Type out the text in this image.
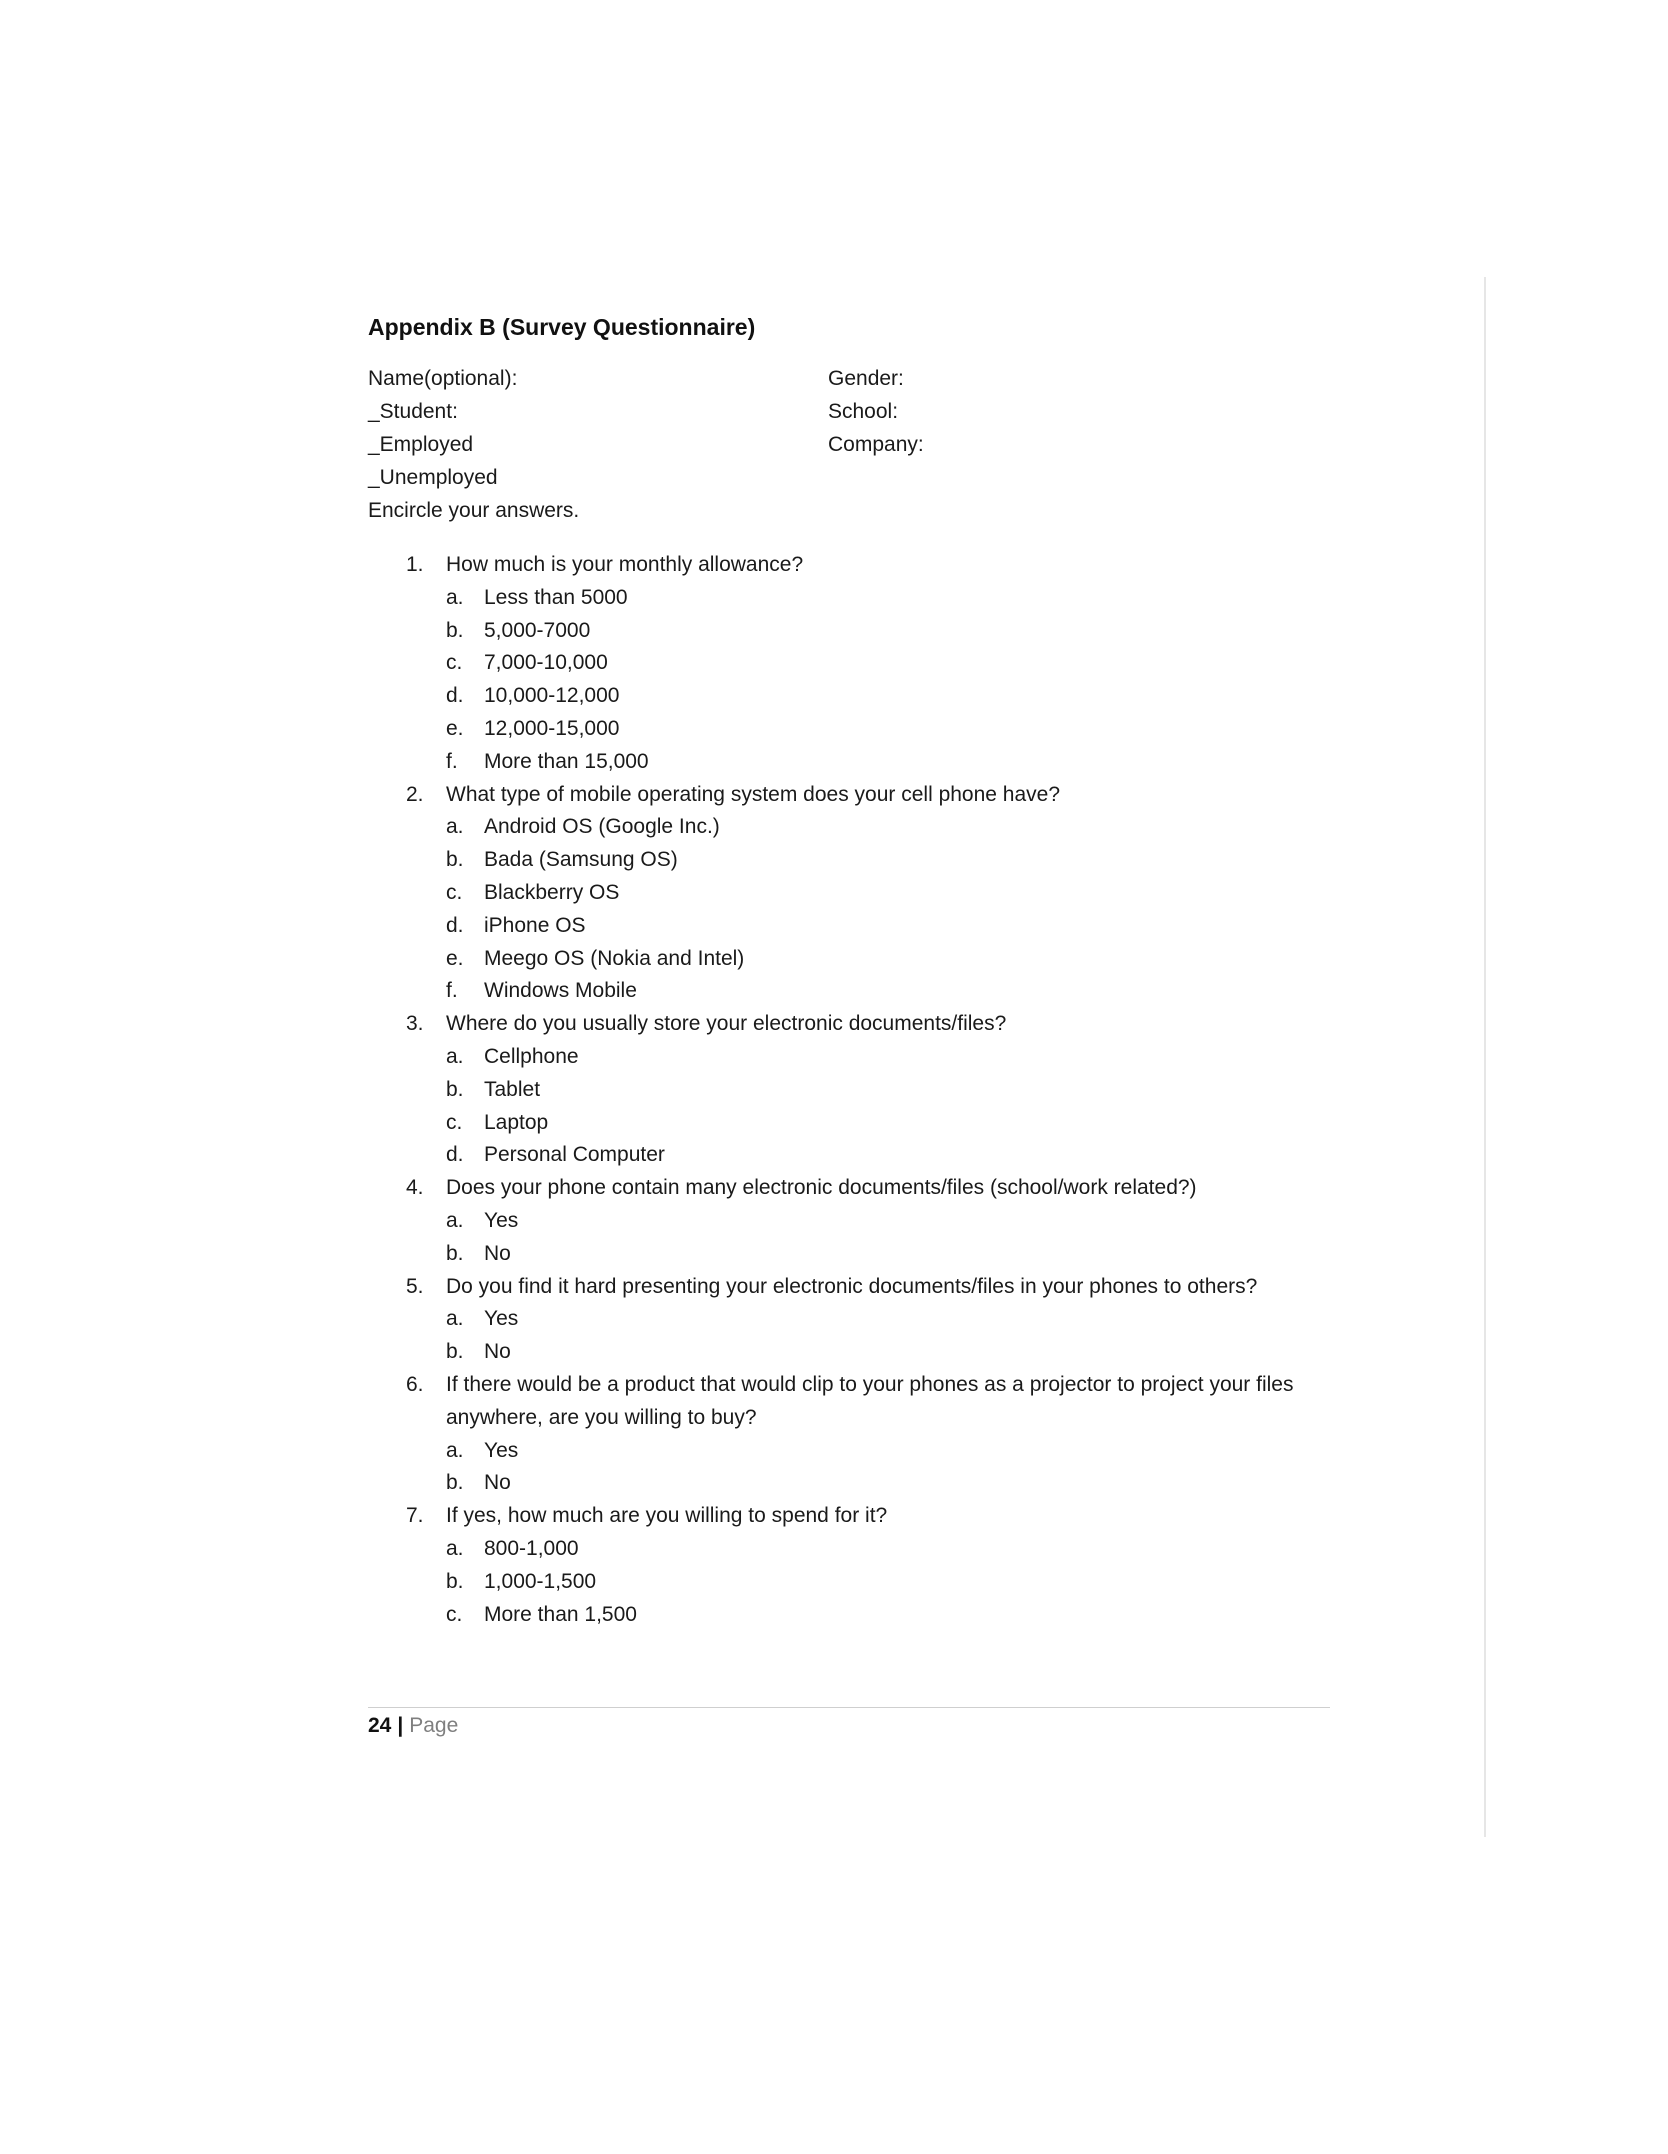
Appendix B (Survey Questionnaire)
Name(optional):
_Student:
_Employed
_Unemployed
Gender:
School:
Company:
Encircle your answers.
1. How much is your monthly allowance?
a. Less than 5000
b. 5,000-7000
c. 7,000-10,000
d. 10,000-12,000
e. 12,000-15,000
f. More than 15,000
2. What type of mobile operating system does your cell phone have?
a. Android OS (Google Inc.)
b. Bada (Samsung OS)
c. Blackberry OS
d. iPhone OS
e. Meego OS (Nokia and Intel)
f. Windows Mobile
3. Where do you usually store your electronic documents/files?
a. Cellphone
b. Tablet
c. Laptop
d. Personal Computer
4. Does your phone contain many electronic documents/files (school/work related?)
a. Yes
b. No
5. Do you find it hard presenting your electronic documents/files in your phones to others?
a. Yes
b. No
6. If there would be a product that would clip to your phones as a projector to project your files anywhere, are you willing to buy?
a. Yes
b. No
7. If yes, how much are you willing to spend for it?
a. 800-1,000
b. 1,000-1,500
c. More than 1,500
24 | Page
